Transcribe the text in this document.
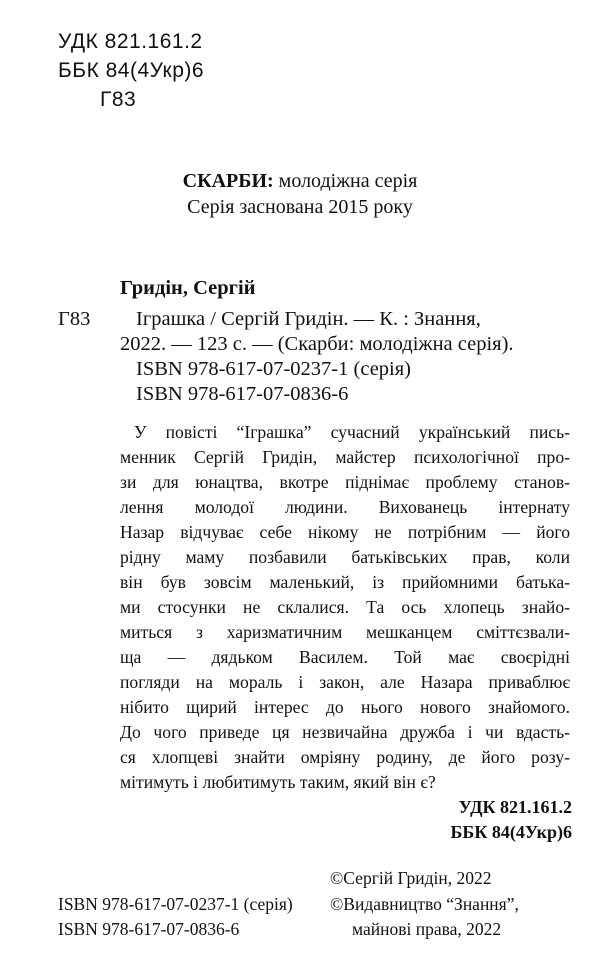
УДК 821.161.2
ББК 84(4Укр)6
Г83
СКАРБИ: молодіжна серія
Серія заснована 2015 року
Гридін, Сергій
Г83 Іграшка / Сергій Гридін. — К. : Знання,
2022. — 123 с. — (Скарби: молодіжна серія).
ISBN 978-617-07-0237-1 (серія)
ISBN 978-617-07-0836-6
У повісті “Іграшка” сучасний український пись-
менник Сергій Гридін, майстер психологічної про-
зи для юнацтва, вкотре піднімає проблему станов-
лення молодої людини. Вихованець інтернату
Назар відчуває себе нікому не потрібним — його
рідну маму позбавили батьківських прав, коли
він був зовсім маленький, із прийомними батька-
ми стосунки не склалися. Та ось хлопець знайо-
миться з харизматичним мешканцем сміттєзвали-
ща — дядьком Василем. Той має своєрідні
погляди на мораль і закон, але Назара приваблює
нібито щирий інтерес до нього нового знайомого.
До чого приведе ця незвичайна дружба і чи вдасть-
ся хлопцеві знайти омріяну родину, де його розу-
мітимуть і любитимуть таким, який він є?
УДК 821.161.2
ББК 84(4Укр)6
©Сергій Гридін, 2022
ISBN 978-617-07-0237-1 (серія) ©Видавництво “Знання”,
ISBN 978-617-07-0836-6	майнові права, 2022
